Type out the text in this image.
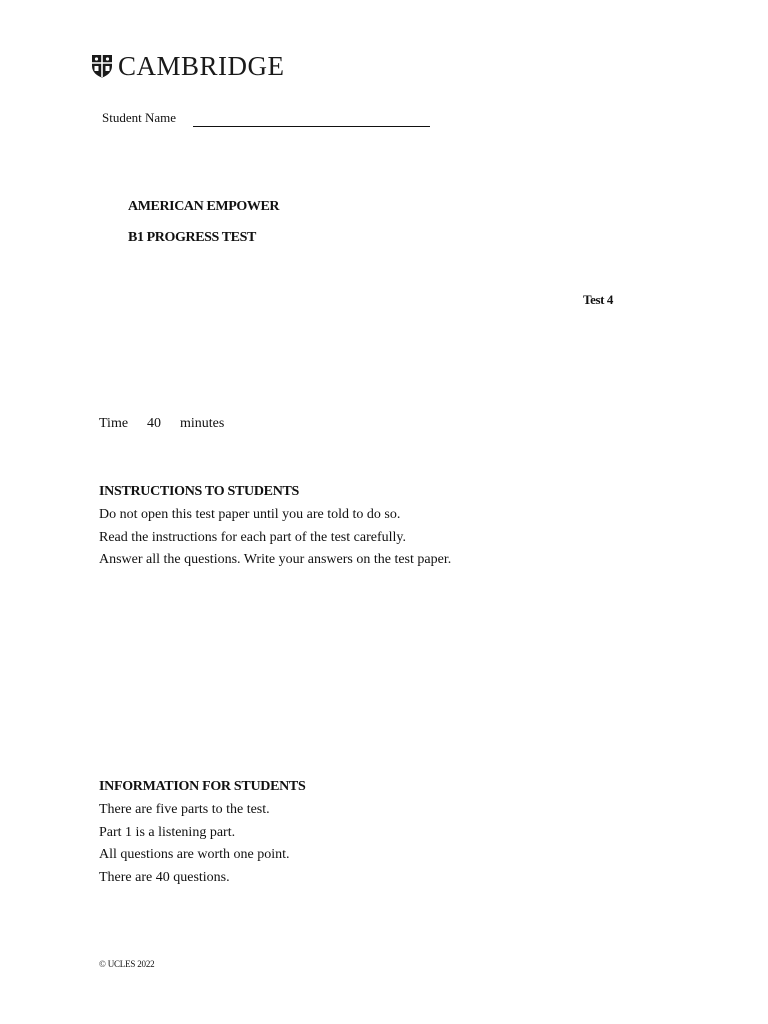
CAMBRIDGE
Student Name
AMERICAN EMPOWER
B1 PROGRESS TEST
Test 4
Time	40	minutes

INSTRUCTIONS TO STUDENTS

Do not open this test paper until you are told to do so.

Read the instructions for each part of the test carefully.

Answer all the questions. Write your answers on the test paper.

INFORMATION FOR STUDENTS

There are five parts to the test.

Part 1 is a listening part.

All questions are worth one point.

There are 40 questions.

© UCLES 2022
